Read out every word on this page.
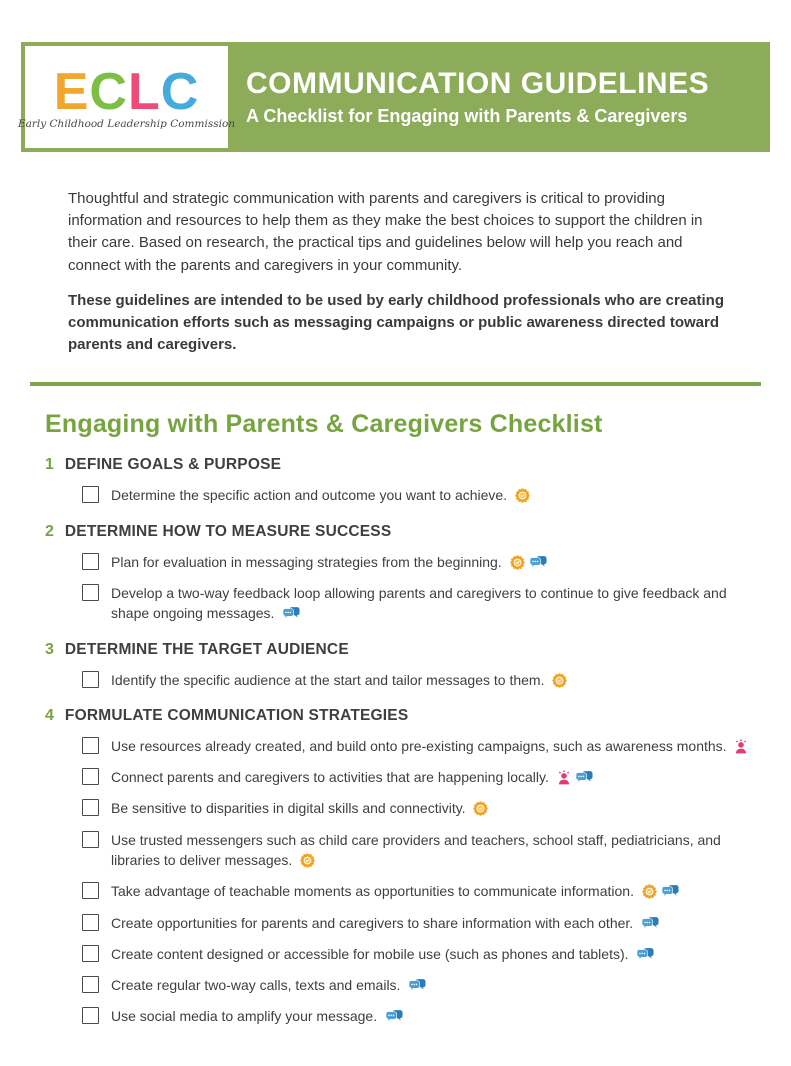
ECLC
Early Childhood Leadership Commission
COMMUNICATION GUIDELINES
A Checklist for Engaging with Parents & Caregivers

Thoughtful and strategic communication with parents and caregivers is critical to providing information and resources to help them as they make the best choices to support the children in their care. Based on research, the practical tips and guidelines below will help you reach and connect with the parents and caregivers in your community.

These guidelines are intended to be used by early childhood professionals who are creating communication efforts such as messaging campaigns or public awareness directed toward parents and caregivers.

Engaging with Parents & Caregivers Checklist
1 DEFINE GOALS & PURPOSE
Determine the specific action and outcome you want to achieve.
2 DETERMINE HOW TO MEASURE SUCCESS
Plan for evaluation in messaging strategies from the beginning.
Develop a two-way feedback loop allowing parents and caregivers to continue to give feedback and shape ongoing messages.
3 DETERMINE THE TARGET AUDIENCE
Identify the specific audience at the start and tailor messages to them.
4 FORMULATE COMMUNICATION STRATEGIES
Use resources already created, and build onto pre-existing campaigns, such as awareness months.
Connect parents and caregivers to activities that are happening locally.
Be sensitive to disparities in digital skills and connectivity.
Use trusted messengers such as child care providers and teachers, school staff, pediatricians, and libraries to deliver messages.
Take advantage of teachable moments as opportunities to communicate information.
Create opportunities for parents and caregivers to share information with each other.
Create content designed or accessible for mobile use (such as phones and tablets).
Create regular two-way calls, texts and emails.
Use social media to amplify your message.
